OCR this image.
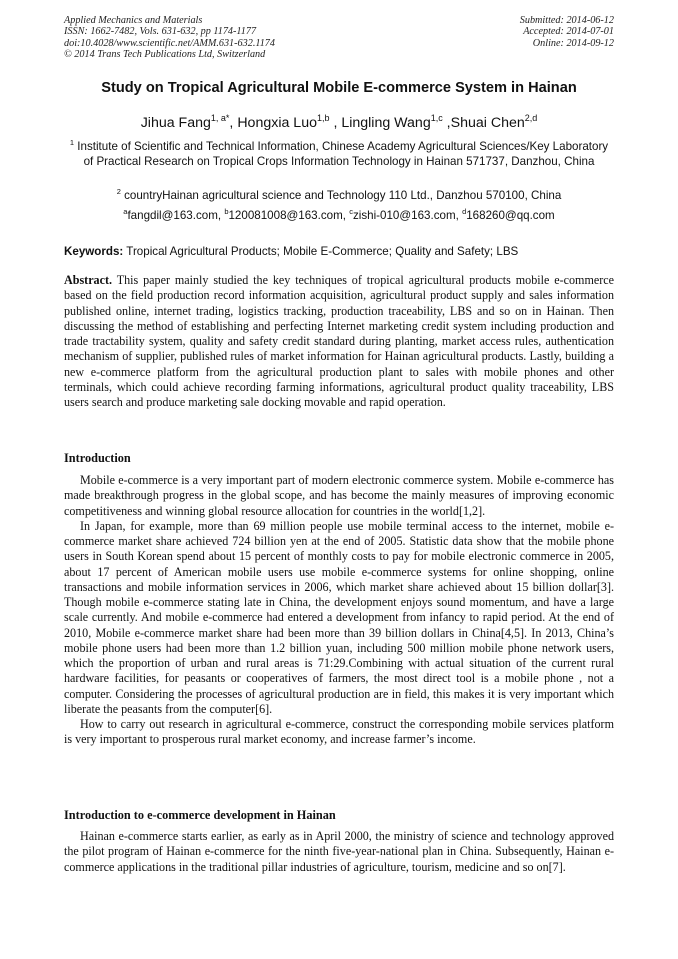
Applied Mechanics and Materials
ISSN: 1662-7482, Vols. 631-632, pp 1174-1177
doi:10.4028/www.scientific.net/AMM.631-632.1174
© 2014 Trans Tech Publications Ltd, Switzerland
Submitted: 2014-06-12
Accepted: 2014-07-01
Online: 2014-09-12
Study on Tropical Agricultural Mobile E-commerce System in Hainan
Jihua Fang$^{1, a*}$, Hongxia Luo$^{1,b}$ , Lingling Wang$^{1,c}$ ,Shuai Chen$^{2,d}$
$^1$ Institute of Scientific and Technical Information, Chinese Academy Agricultural Sciences/Key Laboratory of Practical Research on Tropical Crops Information Technology in Hainan 571737, Danzhou, China
$^2$ countryHainan agricultural science and Technology 110 Ltd., Danzhou 570100, China
$^a$fangdil@163.com, $^b$120081008@163.com, $^c$zishi-010@163.com, $^d$168260@qq.com
Keywords: Tropical Agricultural Products; Mobile E-Commerce; Quality and Safety; LBS

Abstract. This paper mainly studied the key techniques of tropical agricultural products mobile e-commerce based on the field production record information acquisition, agricultural product supply and sales information published online, internet trading, logistics tracking, production traceability, LBS and so on in Hainan. Then discussing the method of establishing and perfecting Internet marketing credit system including production and trade tractability system, quality and safety credit standard during planting, market access rules, authentication mechanism of supplier, published rules of market information for Hainan agricultural products. Lastly, building a new e-commerce platform from the agricultural production plant to sales with mobile phones and other terminals, which could achieve recording farming informations, agricultural product quality traceability, LBS users search and produce marketing sale docking movable and rapid operation.

Introduction

Mobile e-commerce is a very important part of modern electronic commerce system. Mobile e-commerce has made breakthrough progress in the global scope, and has become the mainly measures of improving economic competitiveness and winning global resource allocation for countries in the world[1,2].

In Japan, for example, more than 69 million people use mobile terminal access to the internet, mobile e-commerce market share achieved 724 billion yen at the end of 2005. Statistic data show that the mobile phone users in South Korean spend about 15 percent of monthly costs to pay for mobile electronic commerce in 2005, about 17 percent of American mobile users use mobile e-commerce systems for online shopping, online transactions and mobile information services in 2006, which market share achieved about 15 billion dollar[3]. Though mobile e-commerce stating late in China, the development enjoys sound momentum, and have a large scale currently. And mobile e-commerce had entered a development from infancy to rapid period. At the end of 2010, Mobile e-commerce market share had been more than 39 billion dollars in China[4,5]. In 2013, China’s mobile phone users had been more than 1.2 billion yuan, including 500 million mobile phone network users, which the proportion of urban and rural areas is 71:29.Combining with actual situation of the current rural hardware facilities, for peasants or cooperatives of farmers, the most direct tool is a mobile phone , not a computer. Considering the processes of agricultural production are in field, this makes it is very important which liberate the peasants from the computer[6].

How to carry out research in agricultural e-commerce, construct the corresponding mobile services platform is very important to prosperous rural market economy, and increase farmer’s income.

Introduction to e-commerce development in Hainan

Hainan e-commerce starts earlier, as early as in April 2000, the ministry of science and technology approved the pilot program of Hainan e-commerce for the ninth five-year-national plan in China. Subsequently, Hainan e-commerce applications in the traditional pillar industries of agriculture, tourism, medicine and so on[7].
